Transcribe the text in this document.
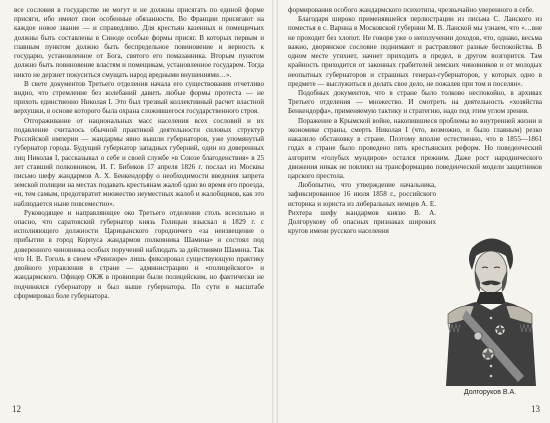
все сословия в государстве не могут и не должны присягать по единой форме присяги, ибо имеют свои особенные обязанности. Во Франции присягают на каждое новое звание — и справедливо. Для крестьян казенных и помещичьих должны быть составлены в Синоде особые формы присяг. В которых первым и главным пунктом должно быть беспредельное повиновение и верность к государю, установленное от Бога, святого его помазанника. Вторым пунктом должно быть повиновение властям и помещикам, установленное государем. Тогда никто не дерзнет покуситься смущать народ вредными внушениями…».

В свете документов Третьего отделения начала его существования отчетливо видно, что стремление без колебаний давить любые формы протеста — не прихоть единственно Николая I. Это был трезвый коллективный расчет властной верхушки, в основе которого была охрана сложившегося государственного строя.

Отгораживание от национальных масс населения всех сословий и их подавление считалось обычной практикой деятельности силовых структур Российской империи — жандармы явно вышли губернаторов, уже упомянутый губернатор города. Будущий губернатор западных губерний, один из доверенных лиц Николая I, рассказывал о себе и своей службе «в Союзе благоденствия» в 25 лет ставший полковником, И. Г. Бибиков 17 апреля 1826 г. послал из Москвы письмо шефу жандармов А. Х. Бенкендорфу о необходимости введения запрета земской полиции на местах подавать крестьянам жалоб одно во время его проезда, «и, тем самым, предотвратит множество неуместных жалоб и жалобщиков, как это наблюдается ныне повсеместно».

Руководящее и направляющее око Третьего отделения столь всесильно и опасно, что саратовский губернатор князь Голицын взыскал в 1829 г. с исполняющего должности Царицынского городничего «за неизвещение о прибытии в город Корпуса жандармов полковника Шамина» и состоял под доверенного чиновника особых поручений наблюдать за действиями Шамина. Так что Н. В. Гоголь в своем «Ревизоре» лишь фиксировал существующую практику двойного управления в стране — администрацию и «полицейского» и жандармского. Офицер ОКЖ в провинции были полицейским, но фактически не подчинялся губернатору и был выше губернатора. По сути в масштабе сформировал боле губернатора.

12

формирования особого жандармского психотипа, чрезвычайно уверенного в себе.

Благодаря широко применявшейся перлюстрации из письма С. Ланского из поместья в с. Варнна в Московской губернии М. В. Ланской мы узнаем, что «…вне не проходит без хлопот. Не говоря уже о неполучении доходов, что, однако, весьма важно, дворянское сословие поднимают и растравляют разные беспокойства. В одном месте утихнет, начнет приходить в предел, в другом возгорится. Там крайность приходится от законных грабителей земских чиновников и от молодых неопытных губернаторов и страшных генерал-губернаторов, у которых одно в предмете — выслужиться и делать свое дело, не пожалев при том и поселян».

Подобных документов, что в стране было толково неспокойно, в архивах Третьего отделения — множество. И смотреть на деятельность «хозяйства Бенкендорфа», применяемую тактику и стратегию, надо под этим углом зрения.

Поражение в Крымской войне, накопившиеся проблемы во внутренней жизни и экономике страны, смерть Николая I (что, возможно, и было главным) резко накалило обстановку в стране. Поэтому вполне естественно, что в 1855—1861 годах в стране было проведено пять крестьянских реформ. Но поведенческий алгоритм «голубых мундиров» остался прежним. Даже рост народнического движения никак не повлиял на трансформацию поведенческой модели защитников царского престола.

Любопытно, что утверждение начальника, зафиксированное 16 июля 1858 г., российского историка и юриста из либеральных немцев А. Е. Рихтера шефу жандармов князю В. А. Долгорукову об опасных признаках широких кругов имени русского населения

Долгоруков В.А.
13
